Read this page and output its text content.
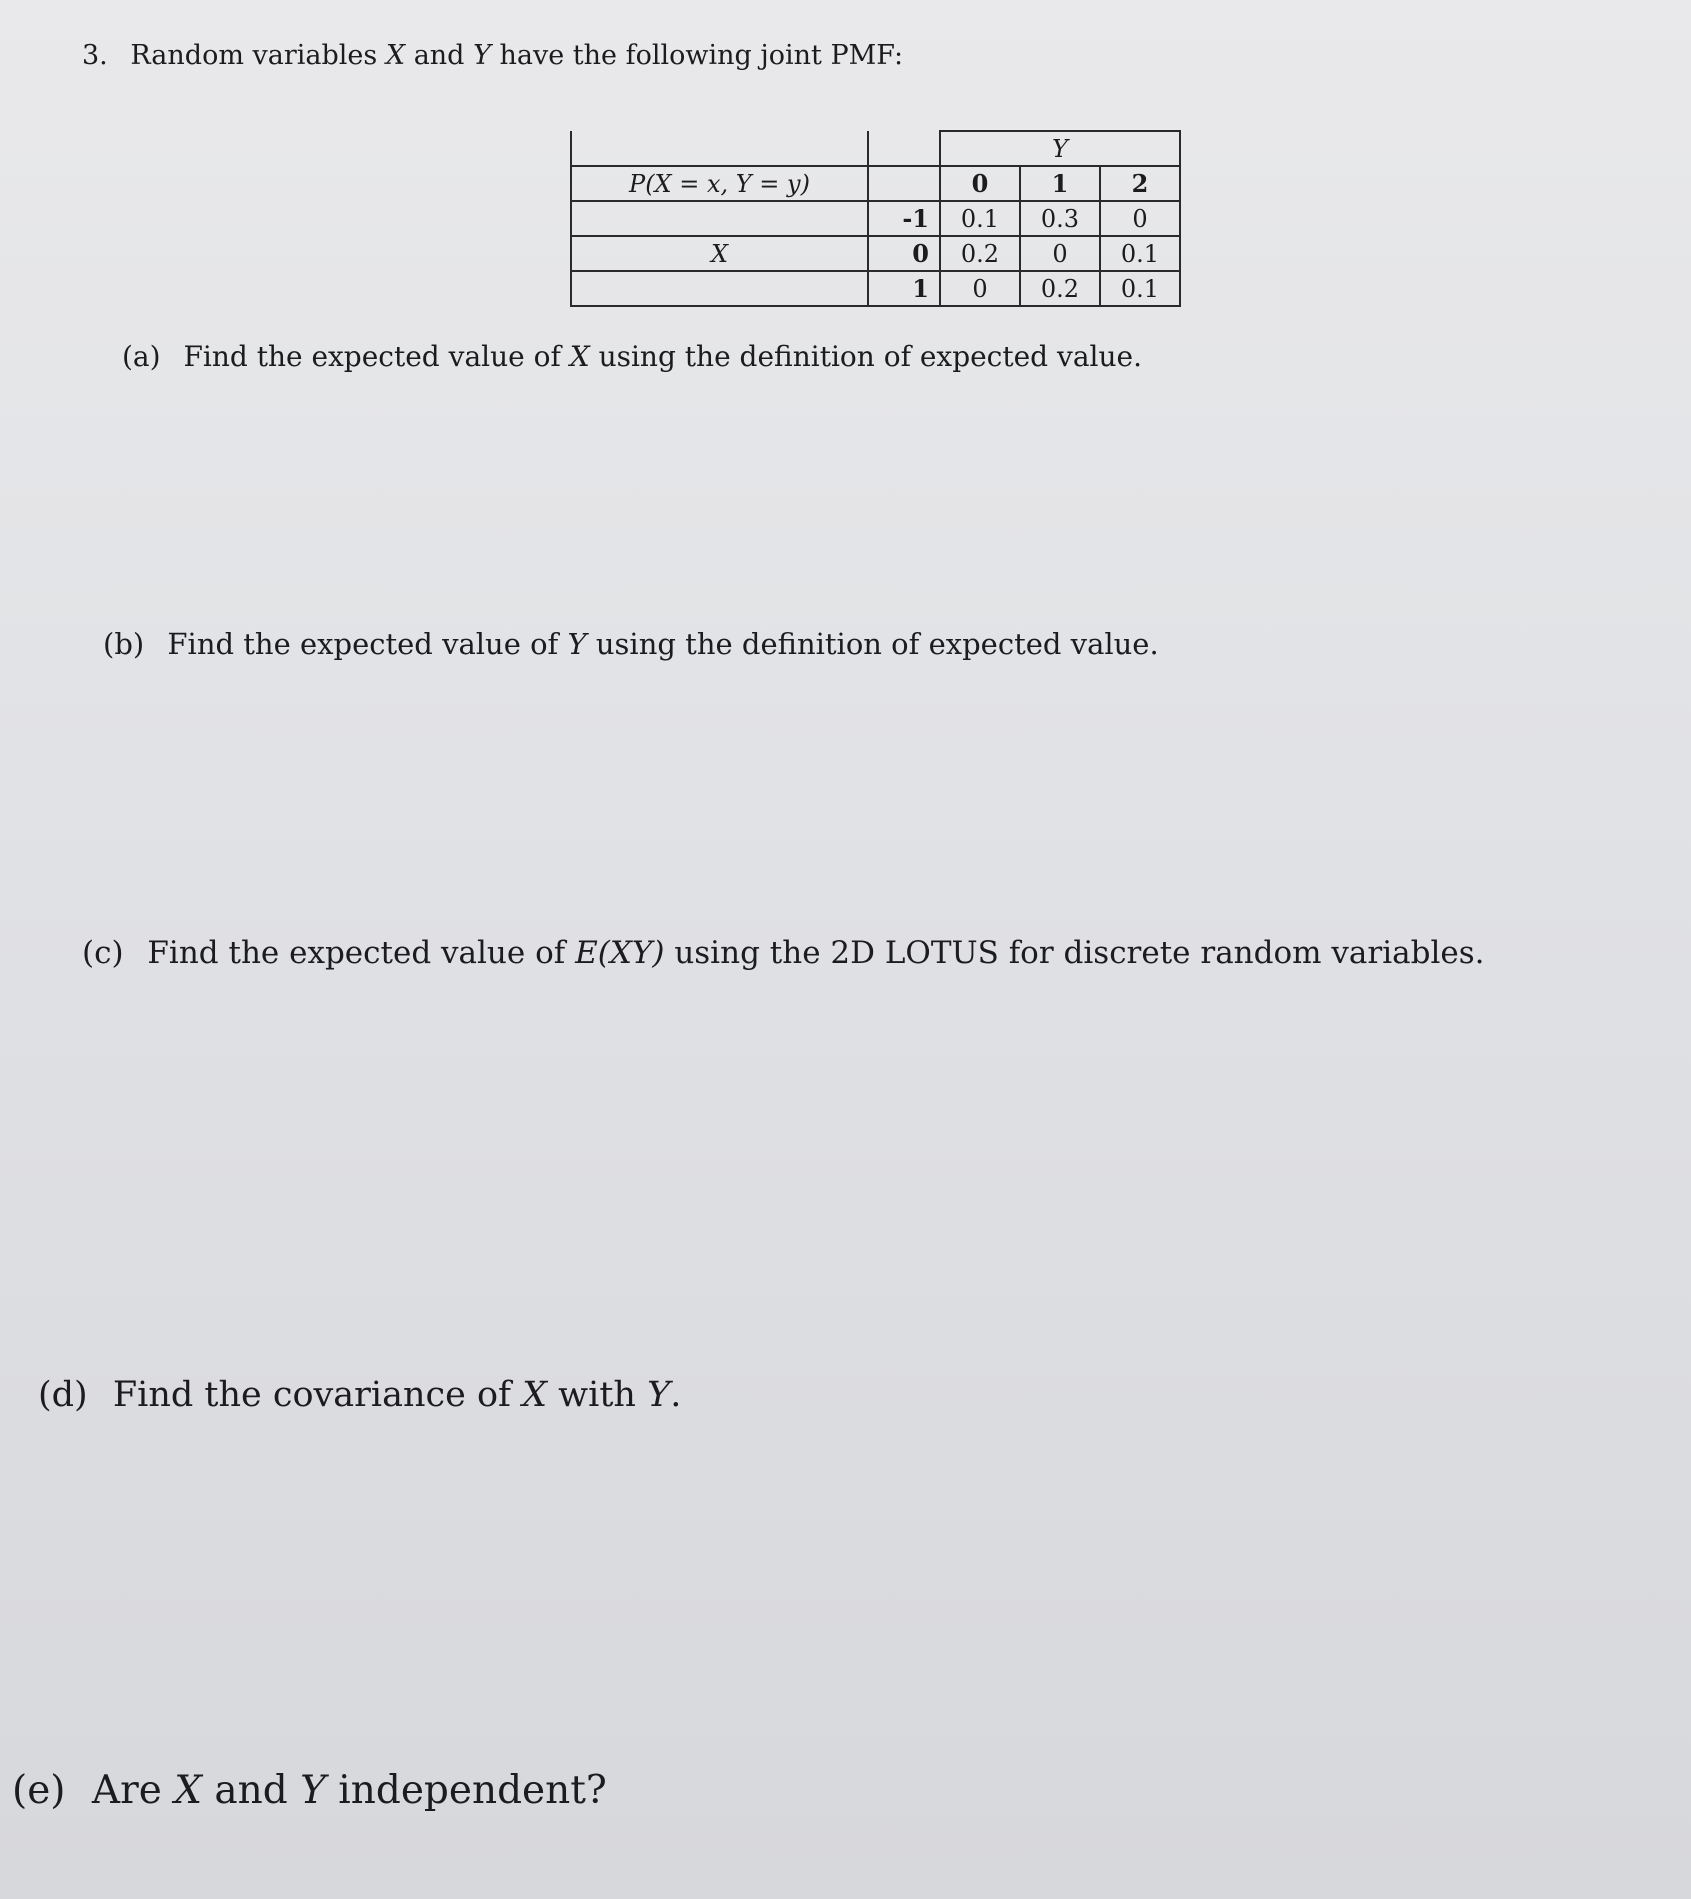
3. Random variables X and Y have the following joint PMF:
		Y		
P(X = x, Y = y)		0	1	2
	-1	0.1	0.3	0
X	0	0.2	0	0.1
	1	0	0.2	0.1
(a) Find the expected value of X using the definition of expected value.
(b) Find the expected value of Y using the definition of expected value.
(c) Find the expected value of E(XY) using the 2D LOTUS for discrete random variables.
(d) Find the covariance of X with Y.
(e) Are X and Y independent?
